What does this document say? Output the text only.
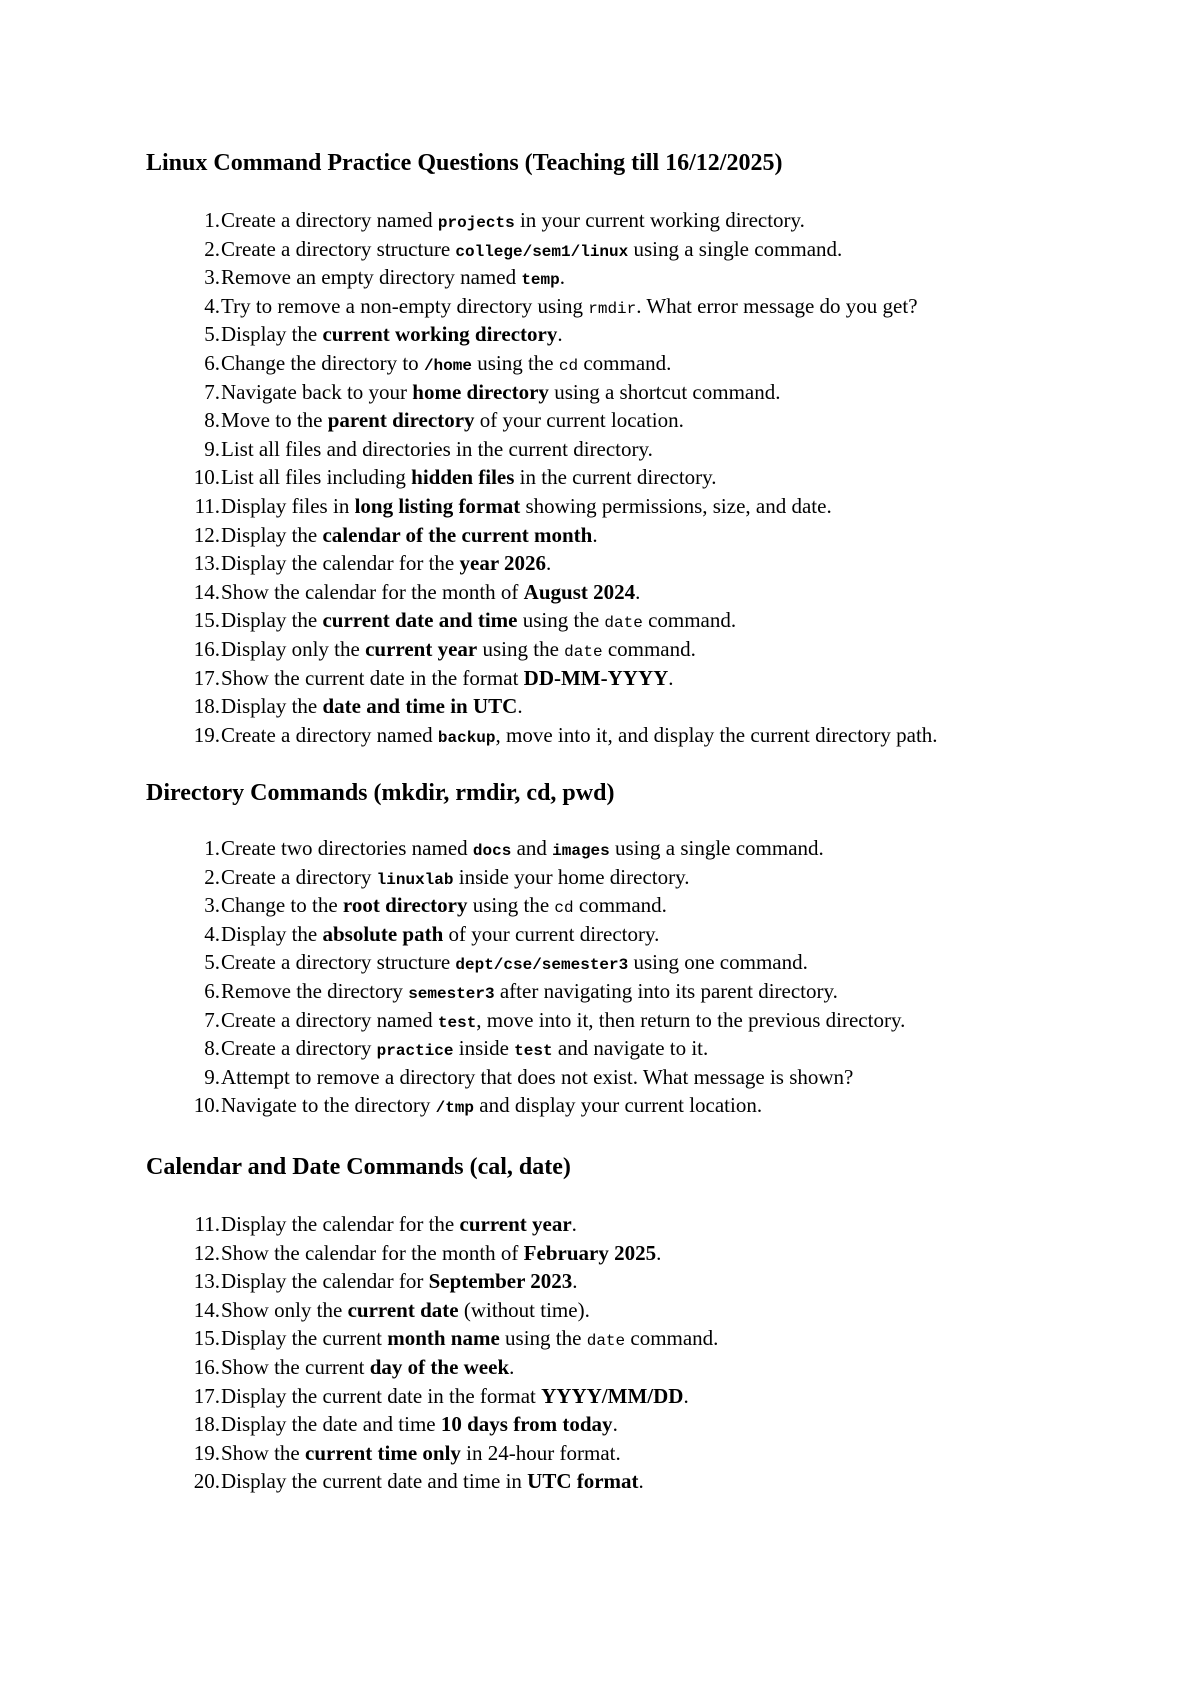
Linux Command Practice Questions (Teaching till 16/12/2025)
1.Create a directory named projects in your current working directory.
2.Create a directory structure college/sem1/linux using a single command.
3.Remove an empty directory named temp.
4.Try to remove a non-empty directory using rmdir. What error message do you get?
5.Display the current working directory.
6.Change the directory to /home using the cd command.
7.Navigate back to your home directory using a shortcut command.
8.Move to the parent directory of your current location.
9.List all files and directories in the current directory.
10.List all files including hidden files in the current directory.
11.Display files in long listing format showing permissions, size, and date.
12.Display the calendar of the current month.
13.Display the calendar for the year 2026.
14.Show the calendar for the month of August 2024.
15.Display the current date and time using the date command.
16.Display only the current year using the date command.
17.Show the current date in the format DD-MM-YYYY.
18.Display the date and time in UTC.
19.Create a directory named backup, move into it, and display the current directory path.
Directory Commands (mkdir, rmdir, cd, pwd)
1.Create two directories named docs and images using a single command.
2.Create a directory linuxlab inside your home directory.
3.Change to the root directory using the cd command.
4.Display the absolute path of your current directory.
5.Create a directory structure dept/cse/semester3 using one command.
6.Remove the directory semester3 after navigating into its parent directory.
7.Create a directory named test, move into it, then return to the previous directory.
8.Create a directory practice inside test and navigate to it.
9.Attempt to remove a directory that does not exist. What message is shown?
10.Navigate to the directory /tmp and display your current location.
Calendar and Date Commands (cal, date)
11.Display the calendar for the current year.
12.Show the calendar for the month of February 2025.
13.Display the calendar for September 2023.
14.Show only the current date (without time).
15.Display the current month name using the date command.
16.Show the current day of the week.
17.Display the current date in the format YYYY/MM/DD.
18.Display the date and time 10 days from today.
19.Show the current time only in 24-hour format.
20.Display the current date and time in UTC format.
